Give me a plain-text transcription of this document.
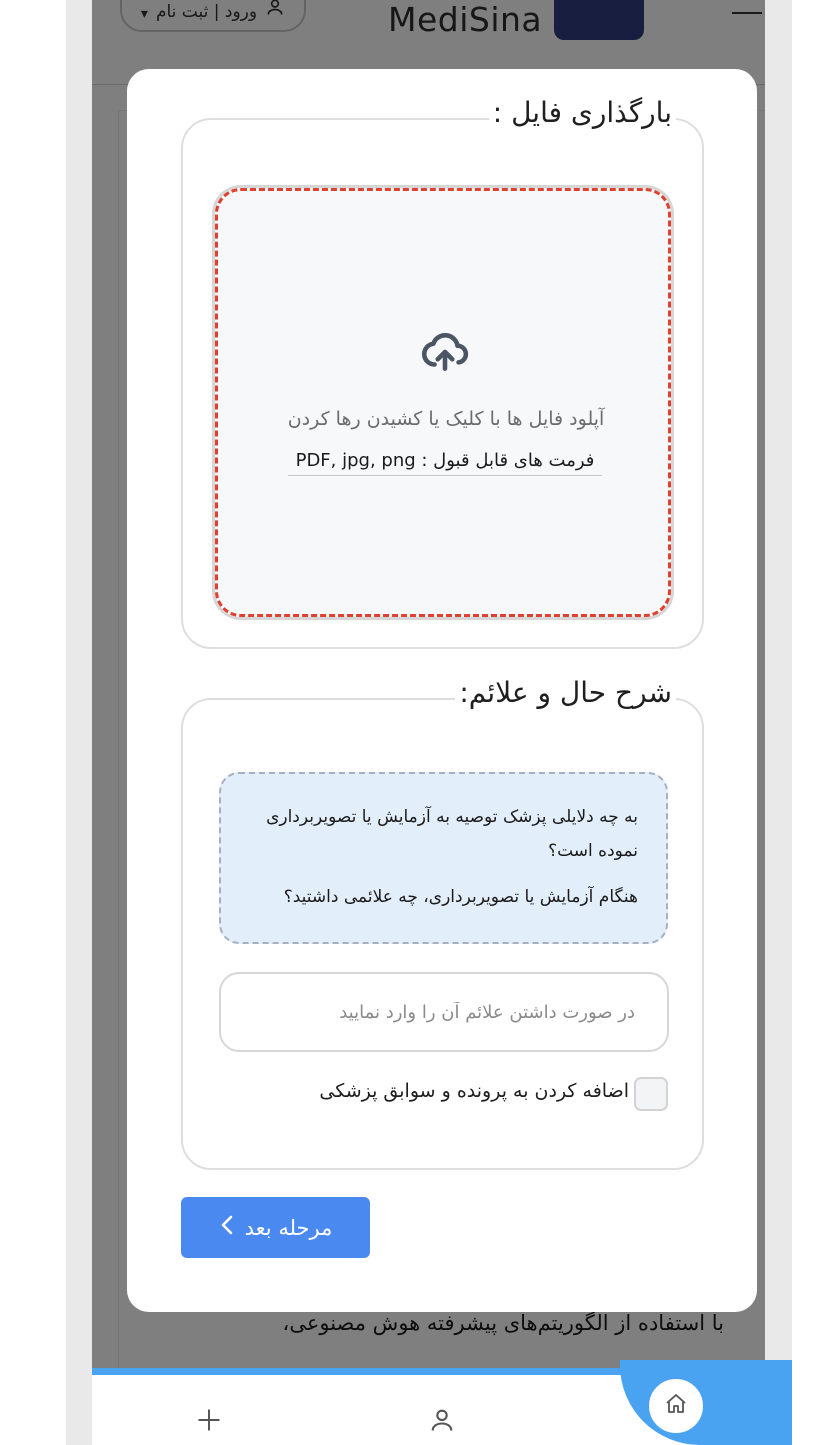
بارگذاری فایل :
آپلود فایل ها با کلیک یا کشیدن رها کردن
فرمت های قابل قبول : PDF, jpg, png
شرح حال و علائم:

به چه دلایلی پزشک توصیه به آزمایش یا تصویربرداری نموده است؟

هنگام آزمایش یا تصویربرداری، چه علائمی داشتید؟

در صورت داشتن علائم آن را وارد نمایید
اضافه کردن به پرونده و سوابق پزشکی
مرحله بعد
